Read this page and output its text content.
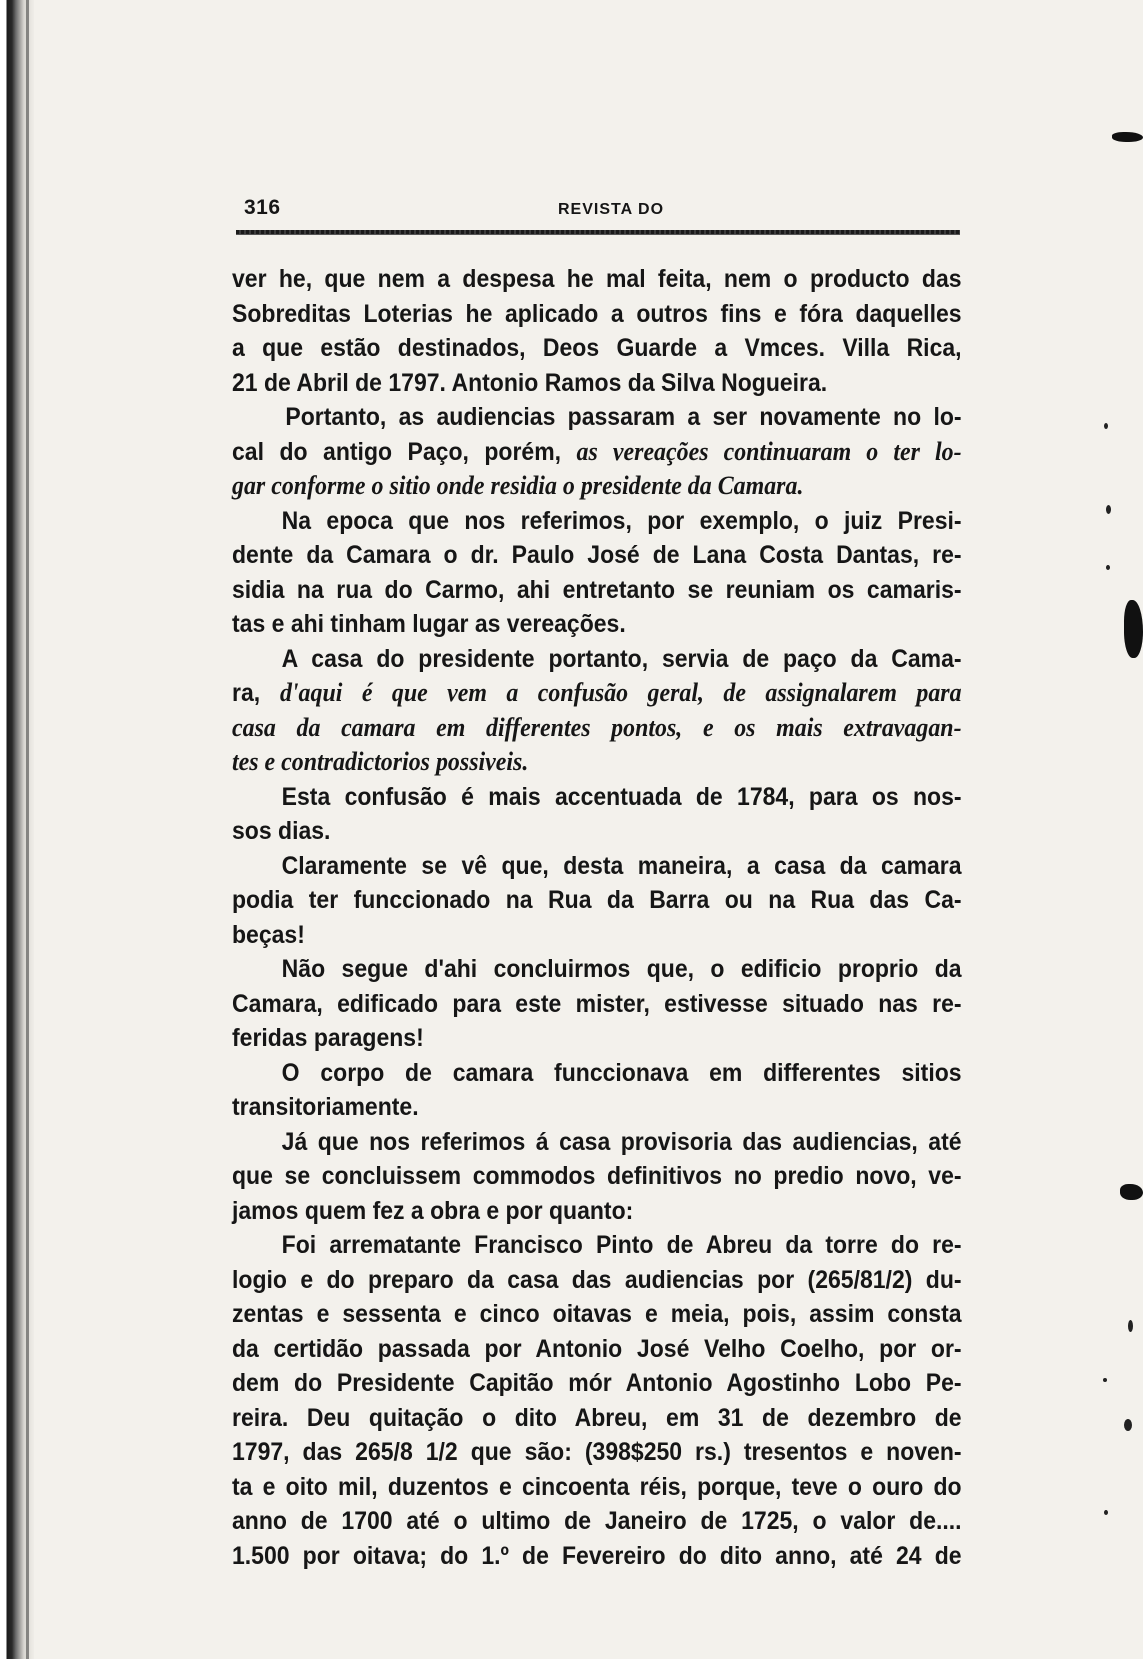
316	REVISTA DO
ver he, que nem a despesa he mal feita, nem o producto das
Sobreditas Loterias he aplicado a outros fins e fóra daquelles
a que estão destinados, Deos Guarde a Vmces. Villa Rica,
21 de Abril de 1797. Antonio Ramos da Silva Nogueira.
Portanto, as audiencias passaram a ser novamente no lo-
cal do antigo Paço, porém, as vereações continuaram o ter lo-
gar conforme o sitio onde residia o presidente da Camara.
Na epoca que nos referimos, por exemplo, o juiz Presi-
dente da Camara o dr. Paulo José de Lana Costa Dantas, re-
sidia na rua do Carmo, ahi entretanto se reuniam os camaris-
tas e ahi tinham lugar as vereações.
A casa do presidente portanto, servia de paço da Cama-
ra, d'aqui é que vem a confusão geral, de assignalarem para
casa da camara em differentes pontos, e os mais extravagan-
tes e contradictorios possiveis.
Esta confusão é mais accentuada de 1784, para os nos-
sos dias.
Claramente se vê que, desta maneira, a casa da camara
podia ter funccionado na Rua da Barra ou na Rua das Ca-
beças!
Não segue d'ahi concluirmos que, o edificio proprio da
Camara, edificado para este mister, estivesse situado nas re-
feridas paragens!
O corpo de camara funccionava em differentes sitios
transitoriamente.
Já que nos referimos á casa provisoria das audiencias, até
que se concluissem commodos definitivos no predio novo, ve-
jamos quem fez a obra e por quanto:
Foi arrematante Francisco Pinto de Abreu da torre do re-
logio e do preparo da casa das audiencias por (265/81/2) du-
zentas e sessenta e cinco oitavas e meia, pois, assim consta
da certidão passada por Antonio José Velho Coelho, por or-
dem do Presidente Capitão mór Antonio Agostinho Lobo Pe-
reira. Deu quitação o dito Abreu, em 31 de dezembro de
1797, das 265/8 1/2 que são: (398$250 rs.) tresentos e noven-
ta e oito mil, duzentos e cincoenta réis, porque, teve o ouro do
anno de 1700 até o ultimo de Janeiro de 1725, o valor de....
1.500 por oitava; do 1.º de Fevereiro do dito anno, até 24 de
